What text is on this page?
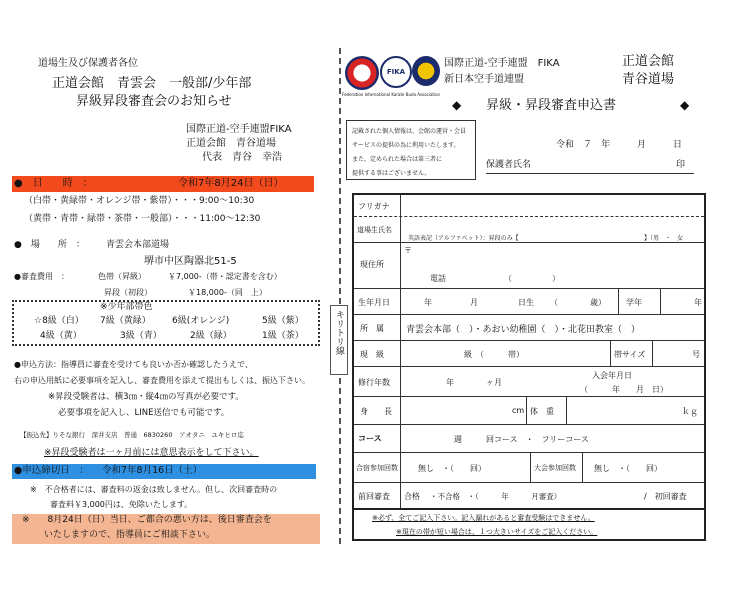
道場生及び保護者各位
正道会館　青雲会　一般部/少年部
昇級昇段審査会のお知らせ
国際正道-空手連盟FIKA
正道会館　青谷道場
代表　青谷　幸浩
●　日　　時　：	令和7年8月24日（日）
（白帯・黄緑帯・オレンジ帯・紫帯）・・・9:00〜10:30
（黄帯・青帯・緑帯・茶帯・一般部）・・・11:00〜12:30
●　場　　所　： 青雲会本部道場
堺市中区陶器北51-5
●審査費用　：	色帯（昇級）	￥7,000-（帯・認定書を含む）
昇段（初段）	￥18,000-（同　上）
※少年部帯色
☆8級（白） 7級（黄緑） 6級(オレンジ)	5級（紫）
4級（黄）	3級（青）	2級（緑）	1級（茶）
●申込方法：指導員に審査を受けても良いか否か確認したうえで、
右の申込用紙に必要事項を記入し、審査費用を添えて提出もしくは、振込下さい。
※昇段受験者は、横3㎝・縦4㎝の写真が必要です。
必要事項を記入し、LINE送信でも可能です。
【振込先】りそな銀行　深井支店　普通　6830260　アオタニ　ユキヒロ迄
※昇段受験者は一ヶ月前には意思表示をして下さい。
●申込締切日　： 令和7年8月16日（土）
※　不合格者には、審査料の返金は致しません。但し、次回審査時の
審査料￥3,000円は、免除いたします。
※　　8月24日（日）当日、ご都合の悪い方は、後日審査会を
いたしますので、指導員にご相談下さい。
キリトリ線
FIKA
Federation International Karate Budo Association
国際正道-空手連盟　FIKA
新日本空手道連盟
正道会館
青谷道場
◆ 昇級・昇段審査申込書	◆
記載された個人情報は、会館の運営・会員
サービスの提供の為に利用いたします。
また、定められた場合は第三者に
提供する事はございません。
令和　７　年　　　月　　　日
保護者氏名	印
フリガナ
道場生氏名
英語表記（アルファベット）：昇段のみ【	】（男　・　女
現住所
〒
電話	（　　　　　）
生年月日	年	月	日生 （　　　　歳）	学年	年
所　属 青雲会本部（　）・あおい幼稚園（　）・北花田教室（　）
現　級	級　（　　　帯）	帯サイズ	号
修行年数	年　　　　ヶ月
入会年月日
（　　　年　　月　日）
身　　長	cm 体　重	ｋｇ
コース	週　　　回コース　・　フリーコース
合宿参加回数	無し　・（　　回）	大会参加回数 無し　・（　　回）
前回審査 合格 ・不合格　・（　　　年　　　月審査）	/　初回審査
※必ず、全てご記入下さい。記入漏れがあると審査受験はできません。
※現在の帯が短い場合は、１つ大きいサイズをご記入ください。
